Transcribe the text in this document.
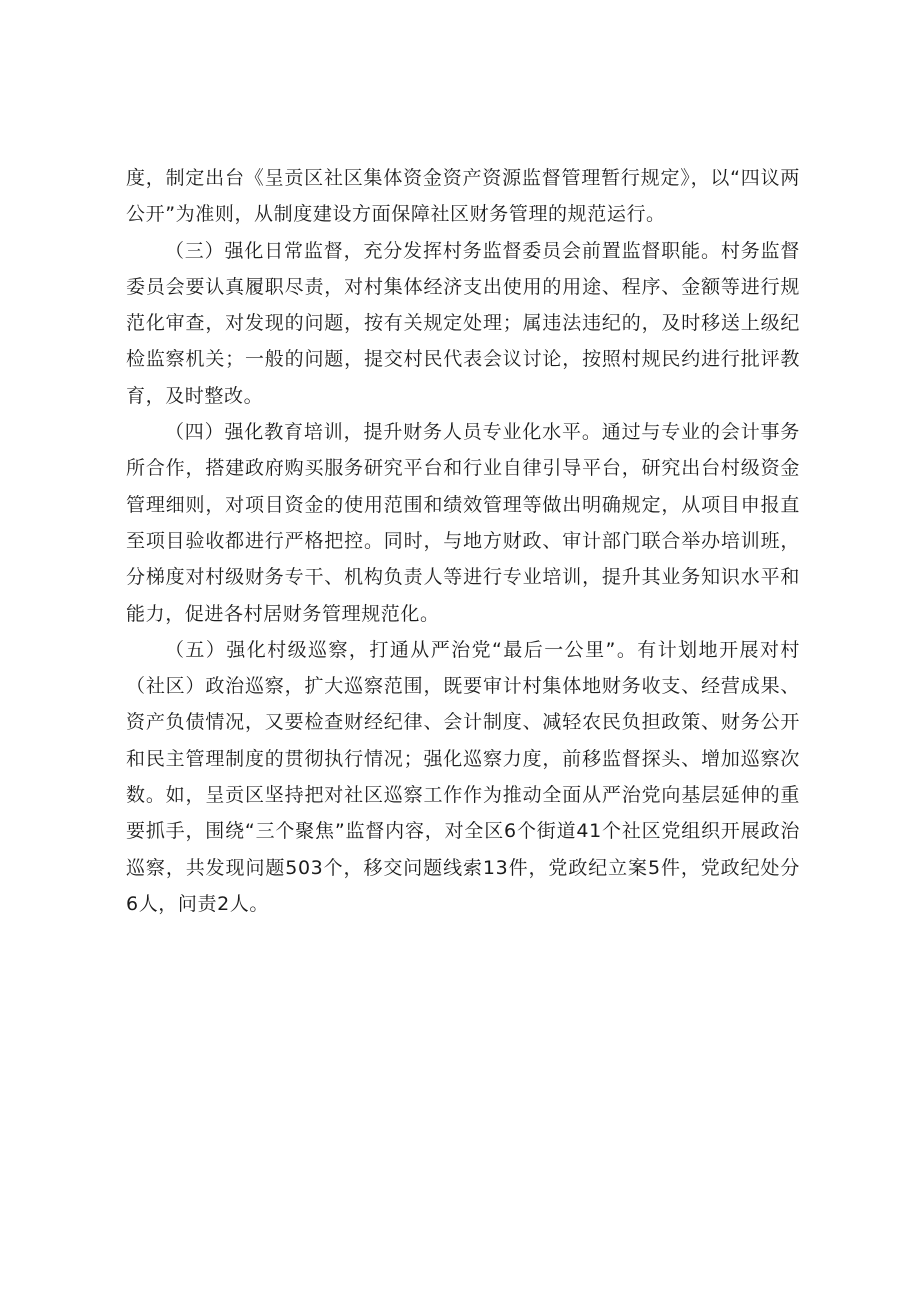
度，制定出台《呈贡区社区集体资金资产资源监督管理暂行规定》，以“四议两公开”为准则，从制度建设方面保障社区财务管理的规范运行。

（三）强化日常监督，充分发挥村务监督委员会前置监督职能。村务监督委员会要认真履职尽责，对村集体经济支出使用的用途、程序、金额等进行规范化审查，对发现的问题，按有关规定处理；属违法违纪的，及时移送上级纪检监察机关；一般的问题，提交村民代表会议讨论，按照村规民约进行批评教育，及时整改。

（四）强化教育培训，提升财务人员专业化水平。通过与专业的会计事务所合作，搭建政府购买服务研究平台和行业自律引导平台，研究出台村级资金管理细则，对项目资金的使用范围和绩效管理等做出明确规定，从项目申报直至项目验收都进行严格把控。同时，与地方财政、审计部门联合举办培训班，分梯度对村级财务专干、机构负责人等进行专业培训，提升其业务知识水平和能力，促进各村居财务管理规范化。

（五）强化村级巡察，打通从严治党“最后一公里”。有计划地开展对村（社区）政治巡察，扩大巡察范围，既要审计村集体地财务收支、经营成果、资产负债情况，又要检查财经纪律、会计制度、减轻农民负担政策、财务公开和民主管理制度的贯彻执行情况；强化巡察力度，前移监督探头、增加巡察次数。如，呈贡区坚持把对社区巡察工作作为推动全面从严治党向基层延伸的重要抓手，围绕“三个聚焦”监督内容，对全区6个街道41个社区党组织开展政治巡察，共发现问题503个，移交问题线索13件，党政纪立案5件，党政纪处分6人，问责2人。
